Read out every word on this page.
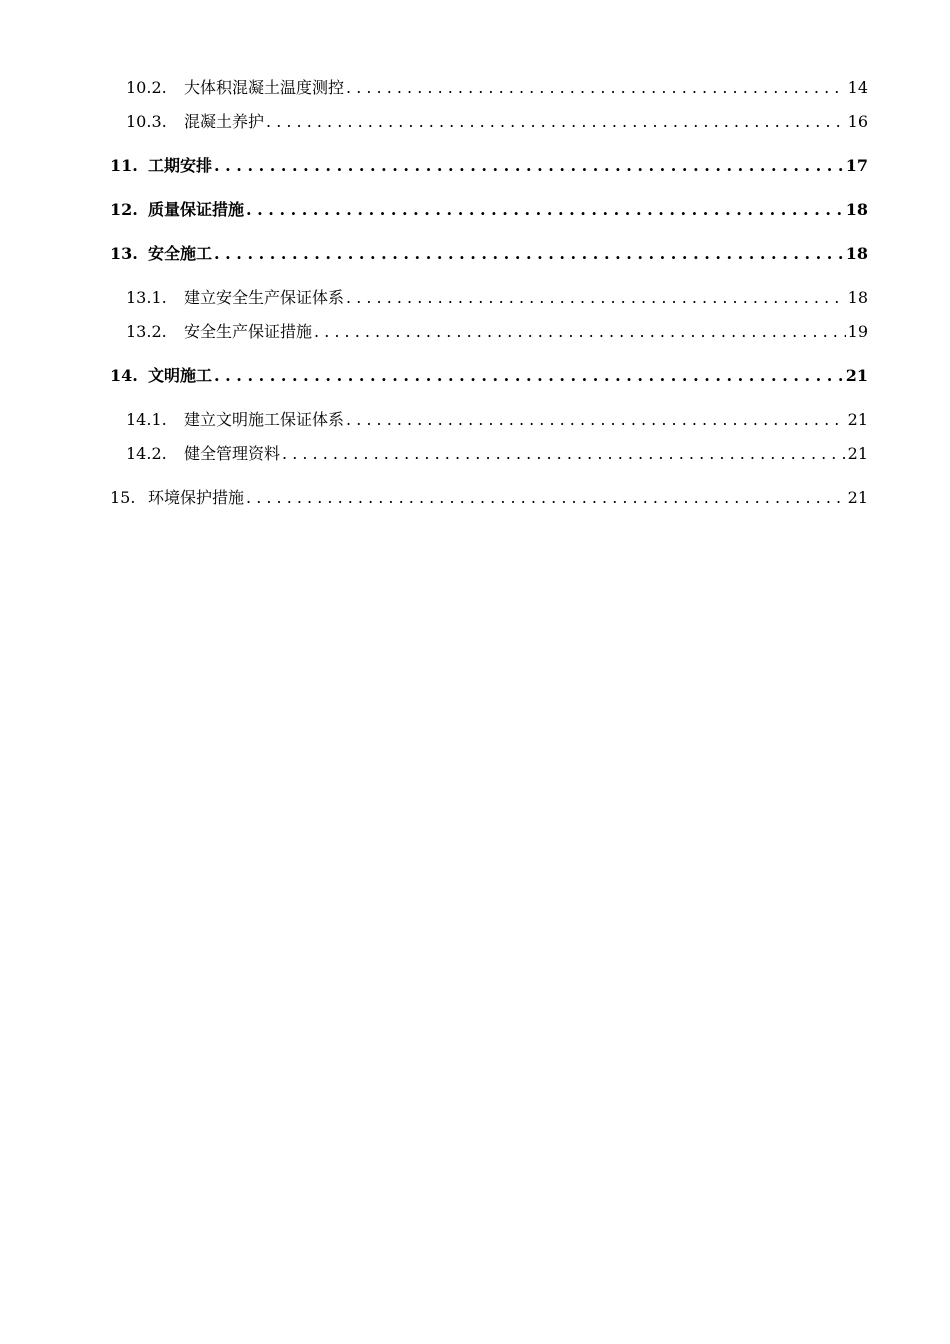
10.2.	大体积混凝土温度测控 . . .	14
10.3.	混凝土养护 . . .	16
11. 工期安排 . . .	17
12. 质量保证措施 . . .	18
13. 安全施工 . . .	18
13.1.	建立安全生产保证体系 . . .	18
13.2.	安全生产保证措施 . . .	19
14. 文明施工 . . .	21
14.1.	建立文明施工保证体系 . . .	21
14.2.	健全管理资料 . . .	21
15. 环境保护措施 . . .	21
